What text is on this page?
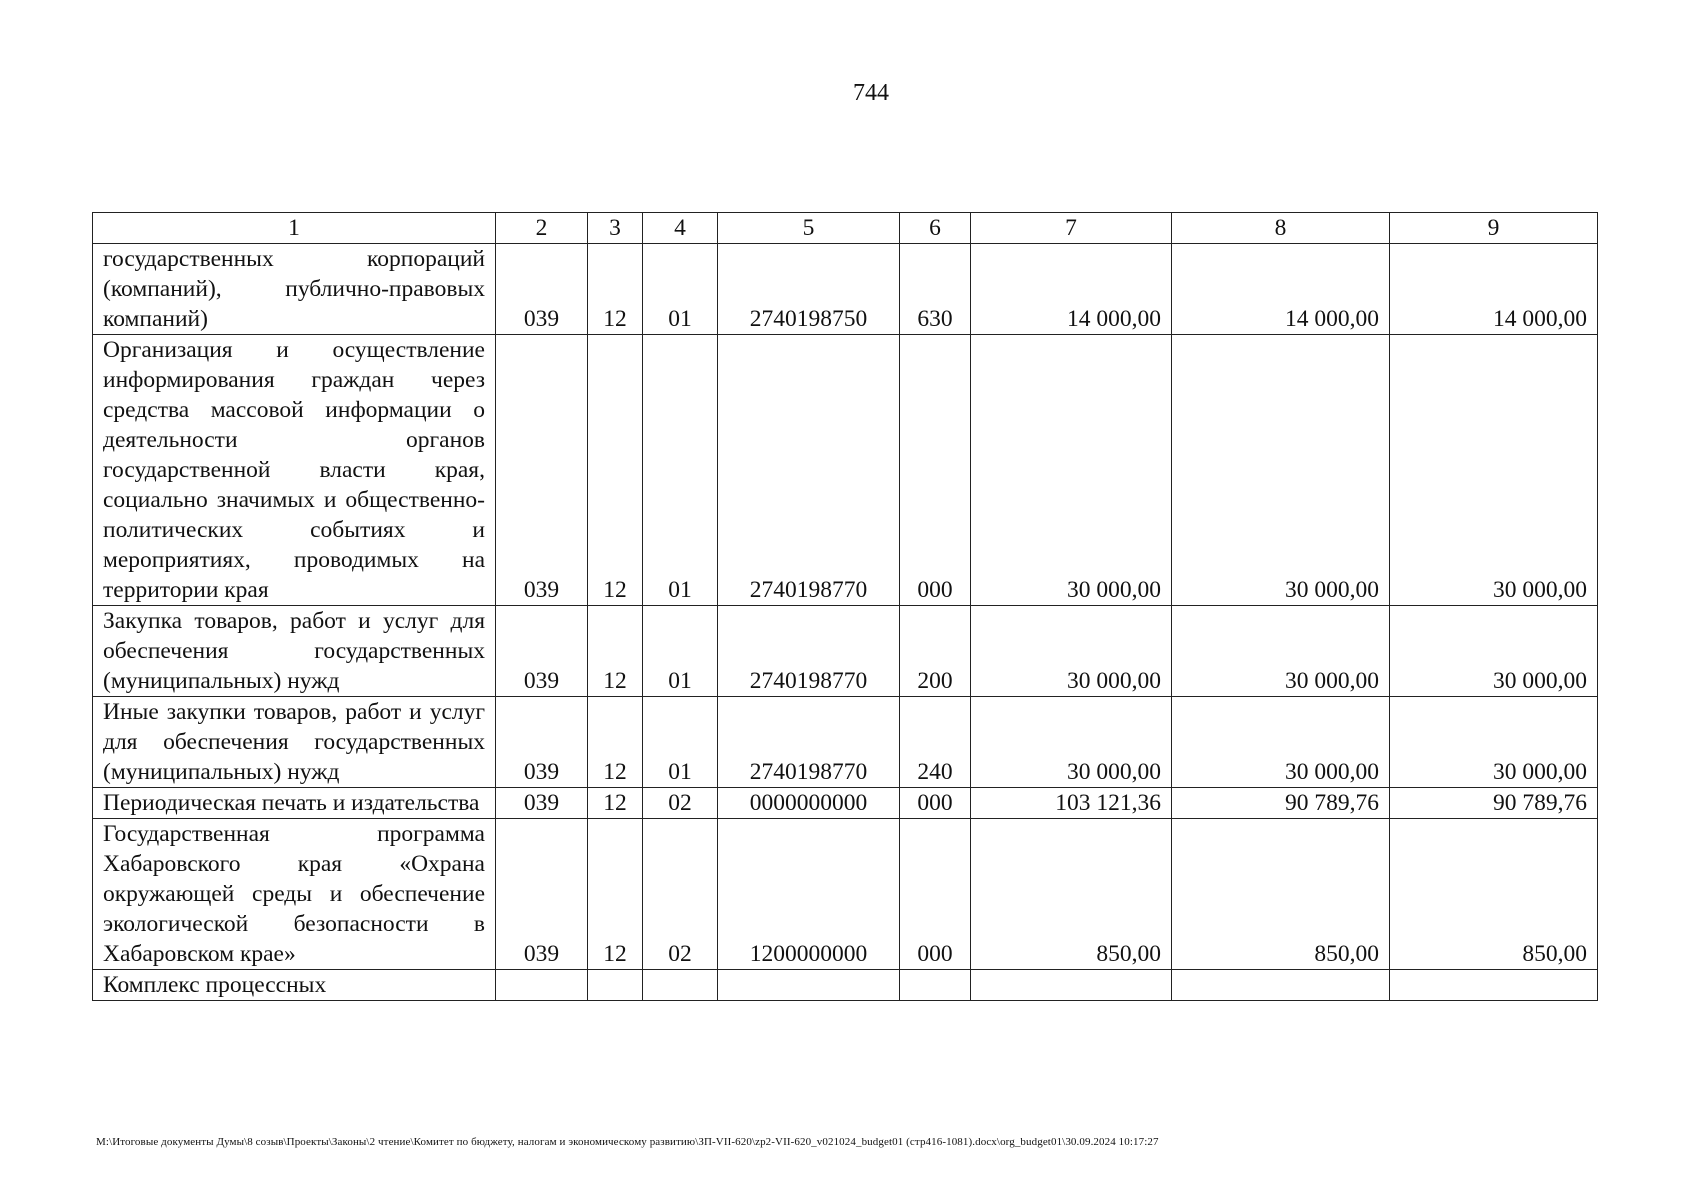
744
1	2	3	4	5	6	7	8	9
государственных корпораций (компаний), публично-правовых компаний)	039	12	01	2740198750	630	14 000,00	14 000,00	14 000,00
Организация и осуществление информирования граждан через средства массовой информации о деятельности органов государственной власти края, социально значимых и общественно-политических событиях и мероприятиях, проводимых на территории края	039	12	01	2740198770	000	30 000,00	30 000,00	30 000,00
Закупка товаров, работ и услуг для обеспечения государственных (муниципальных) нужд	039	12	01	2740198770	200	30 000,00	30 000,00	30 000,00
Иные закупки товаров, работ и услуг для обеспечения государственных (муниципальных) нужд	039	12	01	2740198770	240	30 000,00	30 000,00	30 000,00
Периодическая печать и издательства	039	12	02	0000000000	000	103 121,36	90 789,76	90 789,76
Государственная программа Хабаровского края «Охрана окружающей среды и обеспечение экологической безопасности в Хабаровском крае»	039	12	02	1200000000	000	850,00	850,00	850,00
Комплекс процессных								
M:\Итоговые документы Думы\8 созыв\Проекты\Законы\2 чтение\Комитет по бюджету, налогам и экономическому развитию\ЗП-VII-620\zp2-VII-620_v021024_budget01 (стр416-1081).docx\org_budget01\30.09.2024 10:17:27
